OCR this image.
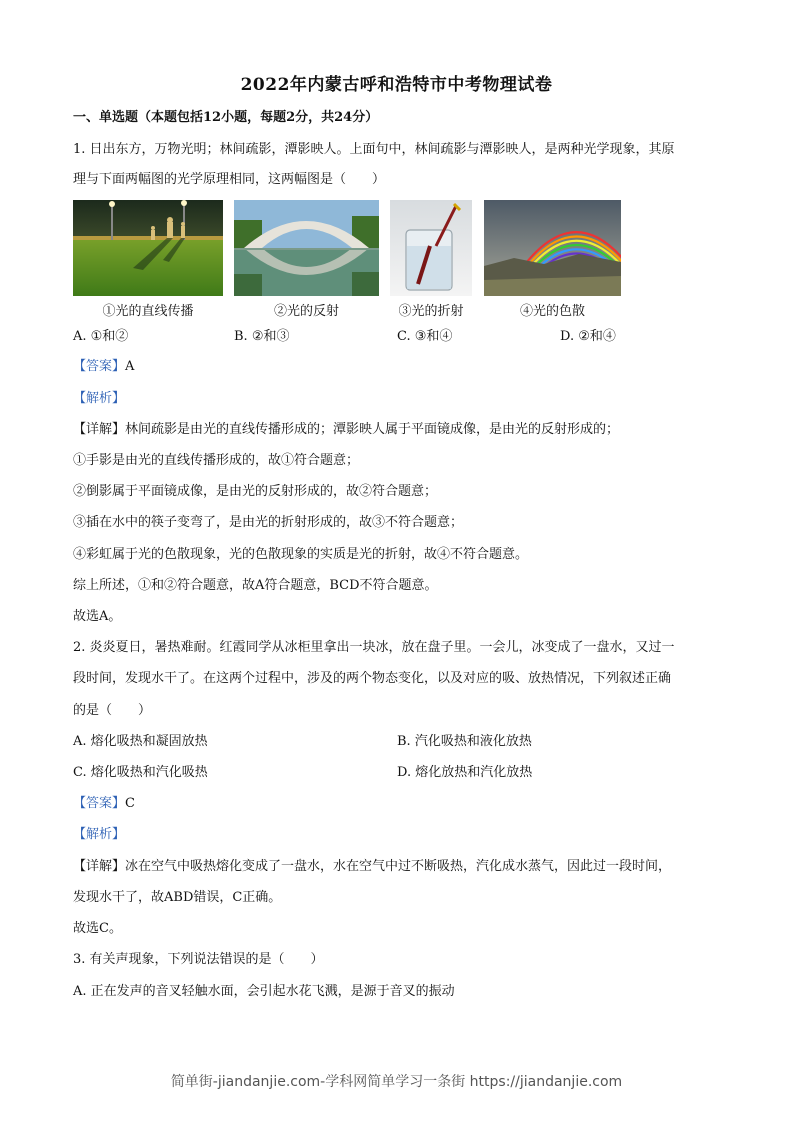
2022年内蒙古呼和浩特市中考物理试卷
一、单选题（本题包括12小题，每题2分，共24分）
1. 日出东方，万物光明；林间疏影，潭影映人。上面句中，林间疏影与潭影映人，是两种光学现象，其原
理与下面两幅图的光学原理相同，这两幅图是（　　）
①光的直线传播	②光的反射	③光的折射	④光的色散
A. ①和②	B. ②和③	C. ③和④	D. ②和④
【答案】A
【解析】
【详解】林间疏影是由光的直线传播形成的；潭影映人属于平面镜成像，是由光的反射形成的；
①手影是由光的直线传播形成的，故①符合题意；
②倒影属于平面镜成像，是由光的反射形成的，故②符合题意；
③插在水中的筷子变弯了，是由光的折射形成的，故③不符合题意；
④彩虹属于光的色散现象，光的色散现象的实质是光的折射，故④不符合题意。
综上所述，①和②符合题意，故A符合题意，BCD不符合题意。
故选A。
2. 炎炎夏日，暑热难耐。红霞同学从冰柜里拿出一块冰，放在盘子里。一会儿，冰变成了一盘水，又过一
段时间，发现水干了。在这两个过程中，涉及的两个物态变化，以及对应的吸、放热情况，下列叙述正确
的是（　　）
A. 熔化吸热和凝固放热	B. 汽化吸热和液化放热
C. 熔化吸热和汽化吸热	D. 熔化放热和汽化放热
【答案】C
【解析】
【详解】冰在空气中吸热熔化变成了一盘水，水在空气中过不断吸热，汽化成水蒸气，因此过一段时间，
发现水干了，故ABD错误，C正确。
故选C。
3. 有关声现象，下列说法错误的是（　　）
A. 正在发声的音叉轻触水面，会引起水花飞溅，是源于音叉的振动
简单街-jiandanjie.com-学科网简单学习一条街 https://jiandanjie.com
